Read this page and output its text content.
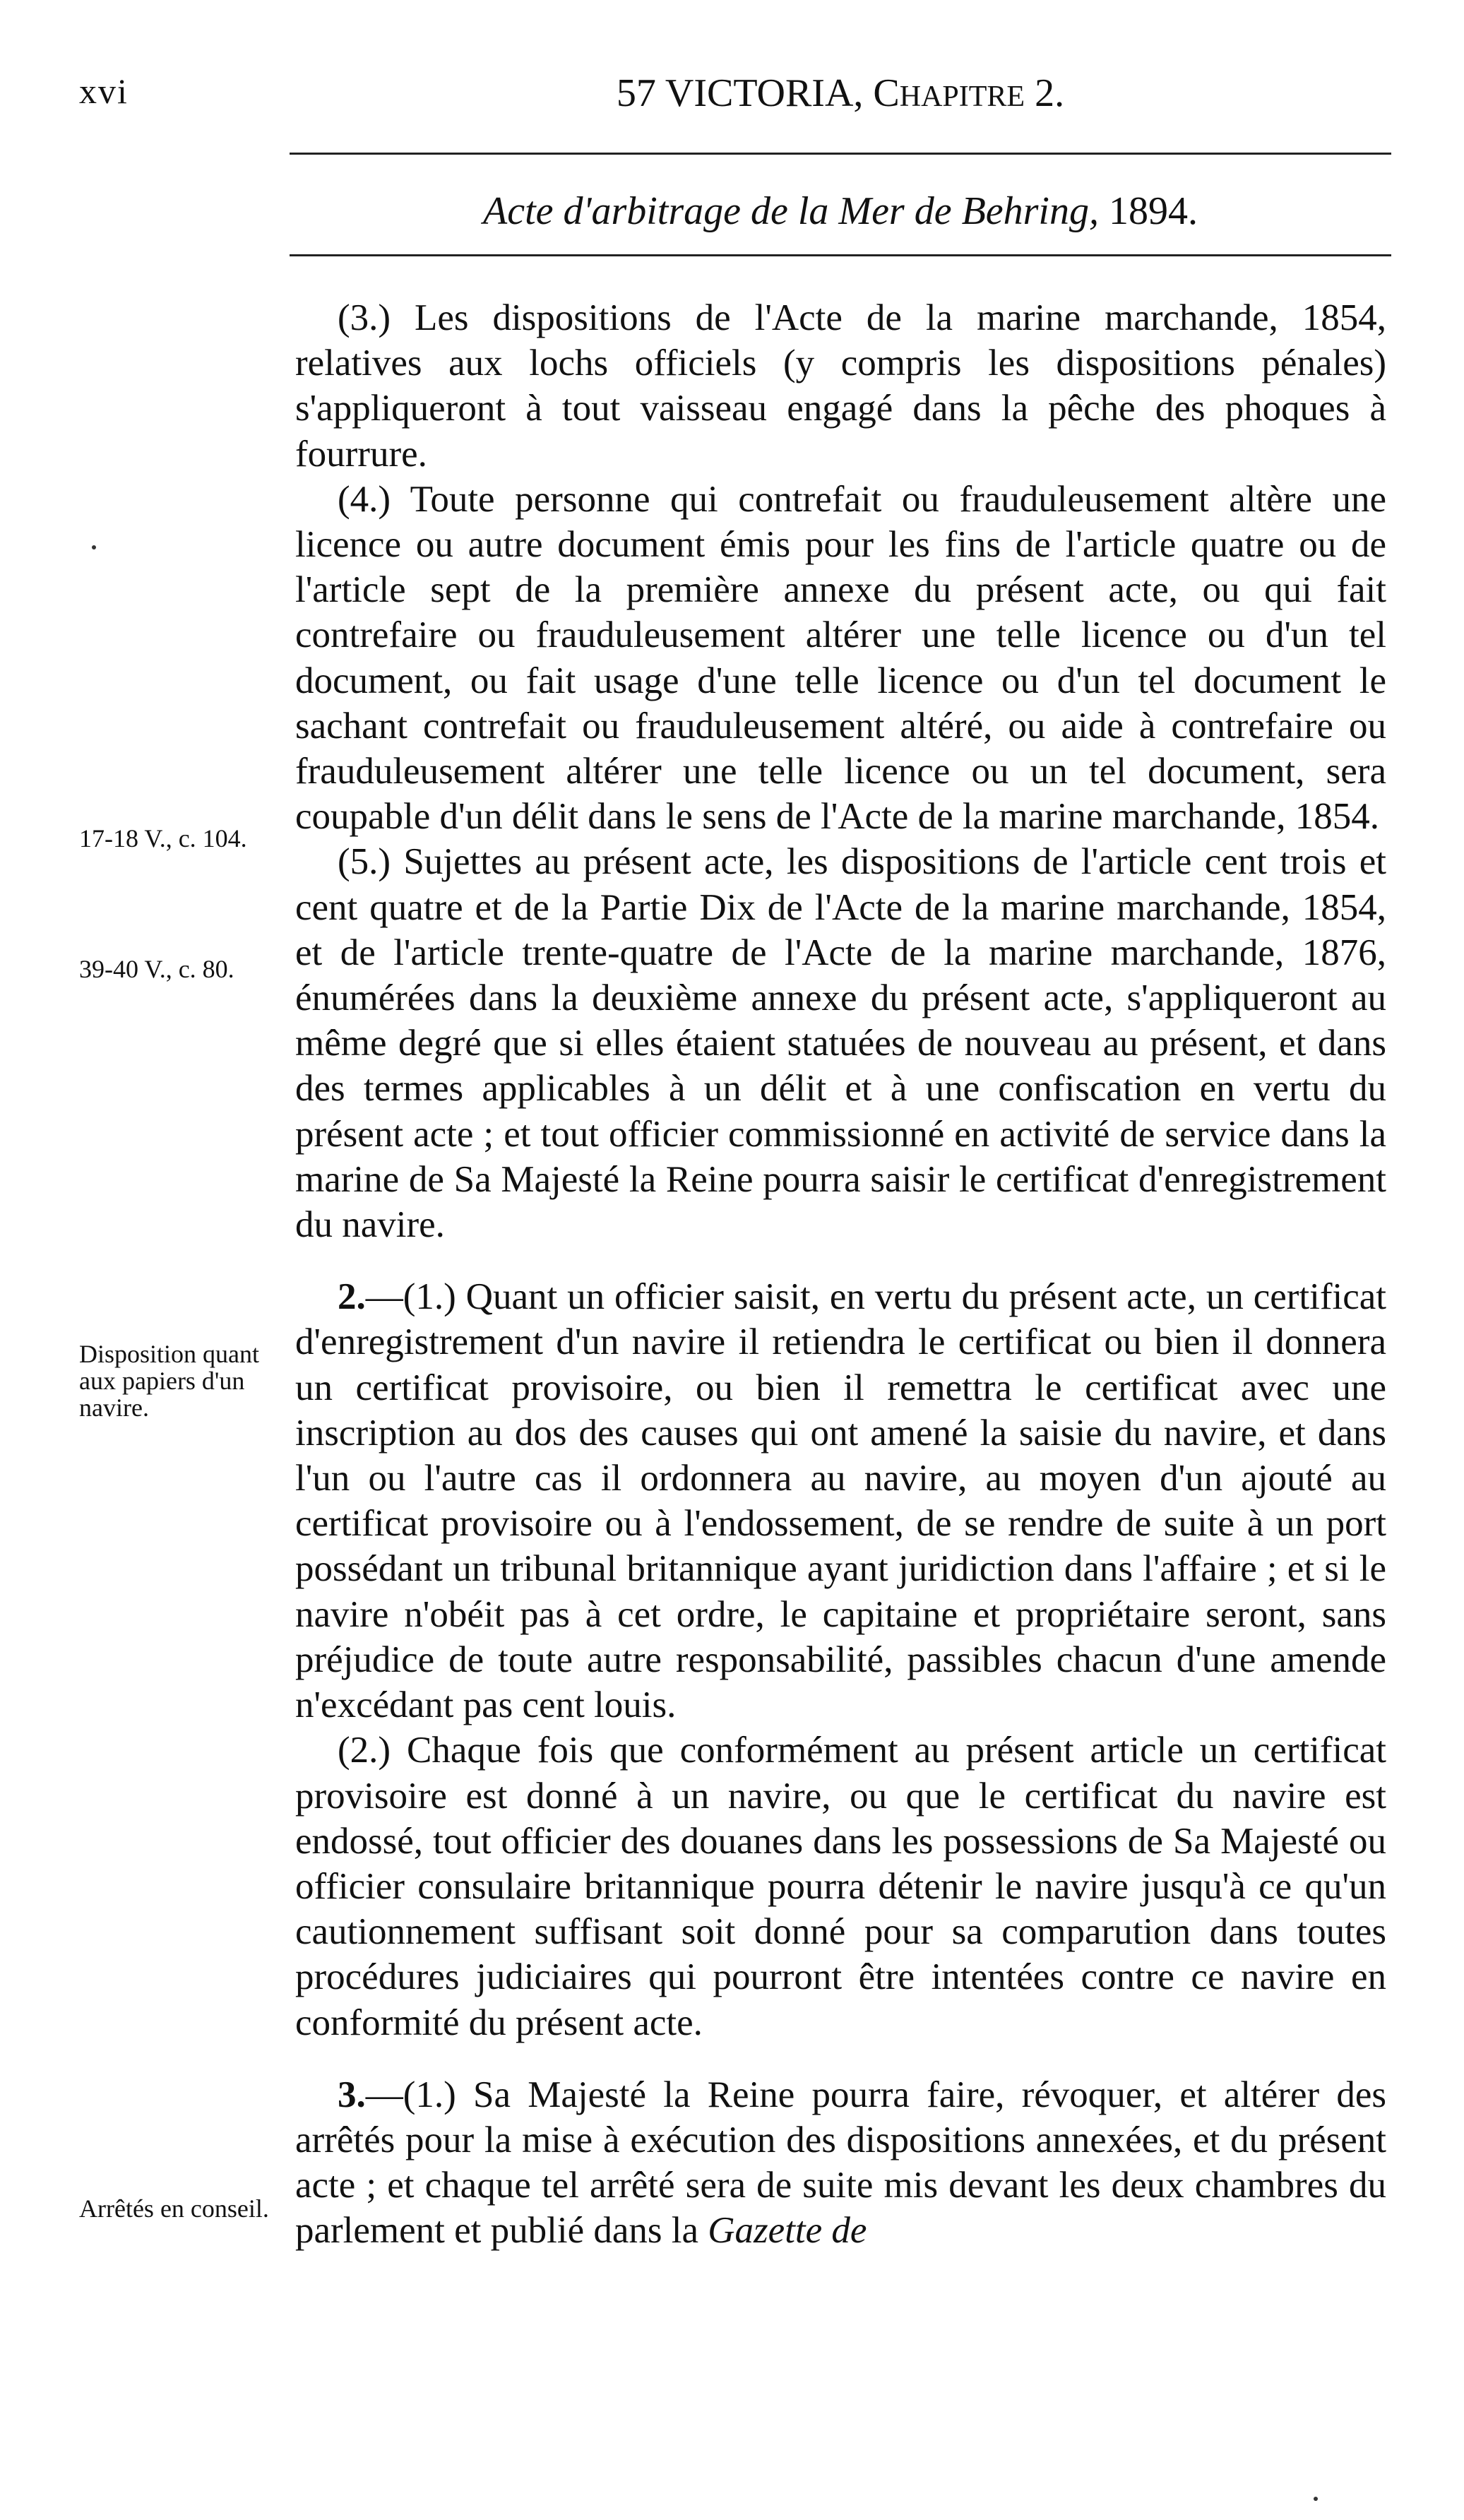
xvi	57 VICTORIA, CHAPITRE 2.
Acte d'arbitrage de la Mer de Behring, 1894.
17-18 V., c. 104.
39-40 V., c. 80.
Disposition quant aux papiers d'un navire.
Arrêtés en conseil.

(3.) Les dispositions de l'Acte de la marine marchande, 1854, relatives aux lochs officiels (y compris les dispositions pénales) s'appliqueront à tout vaisseau engagé dans la pêche des phoques à fourrure.

(4.) Toute personne qui contrefait ou frauduleusement altère une licence ou autre document émis pour les fins de l'article quatre ou de l'article sept de la première annexe du présent acte, ou qui fait contrefaire ou frauduleusement altérer une telle licence ou d'un tel document, ou fait usage d'une telle licence ou d'un tel document le sachant contrefait ou frauduleusement altéré, ou aide à contrefaire ou frauduleusement altérer une telle licence ou un tel document, sera coupable d'un délit dans le sens de l'Acte de la marine marchande, 1854.

(5.) Sujettes au présent acte, les dispositions de l'article cent trois et cent quatre et de la Partie Dix de l'Acte de la marine marchande, 1854, et de l'article trente-quatre de l'Acte de la marine marchande, 1876, énumérées dans la deuxième annexe du présent acte, s'appliqueront au même degré que si elles étaient statuées de nouveau au présent, et dans des termes applicables à un délit et à une confiscation en vertu du présent acte ; et tout officier commissionné en activité de service dans la marine de Sa Majesté la Reine pourra saisir le certificat d'enregistrement du navire.

2.—(1.) Quant un officier saisit, en vertu du présent acte, un certificat d'enregistrement d'un navire il retiendra le certificat ou bien il donnera un certificat provisoire, ou bien il remettra le certificat avec une inscription au dos des causes qui ont amené la saisie du navire, et dans l'un ou l'autre cas il ordonnera au navire, au moyen d'un ajouté au certificat provisoire ou à l'endossement, de se rendre de suite à un port possédant un tribunal britannique ayant juridiction dans l'affaire ; et si le navire n'obéit pas à cet ordre, le capitaine et propriétaire seront, sans préjudice de toute autre responsabilité, passibles chacun d'une amende n'excédant pas cent louis.

(2.) Chaque fois que conformément au présent article un certificat provisoire est donné à un navire, ou que le certificat du navire est endossé, tout officier des douanes dans les possessions de Sa Majesté ou officier consulaire britannique pourra détenir le navire jusqu'à ce qu'un cautionnement suffisant soit donné pour sa comparution dans toutes procédures judiciaires qui pourront être intentées contre ce navire en conformité du présent acte.

3.—(1.) Sa Majesté la Reine pourra faire, révoquer, et altérer des arrêtés pour la mise à exécution des dispositions annexées, et du présent acte ; et chaque tel arrêté sera de suite mis devant les deux chambres du parlement et publié dans la Gazette de
